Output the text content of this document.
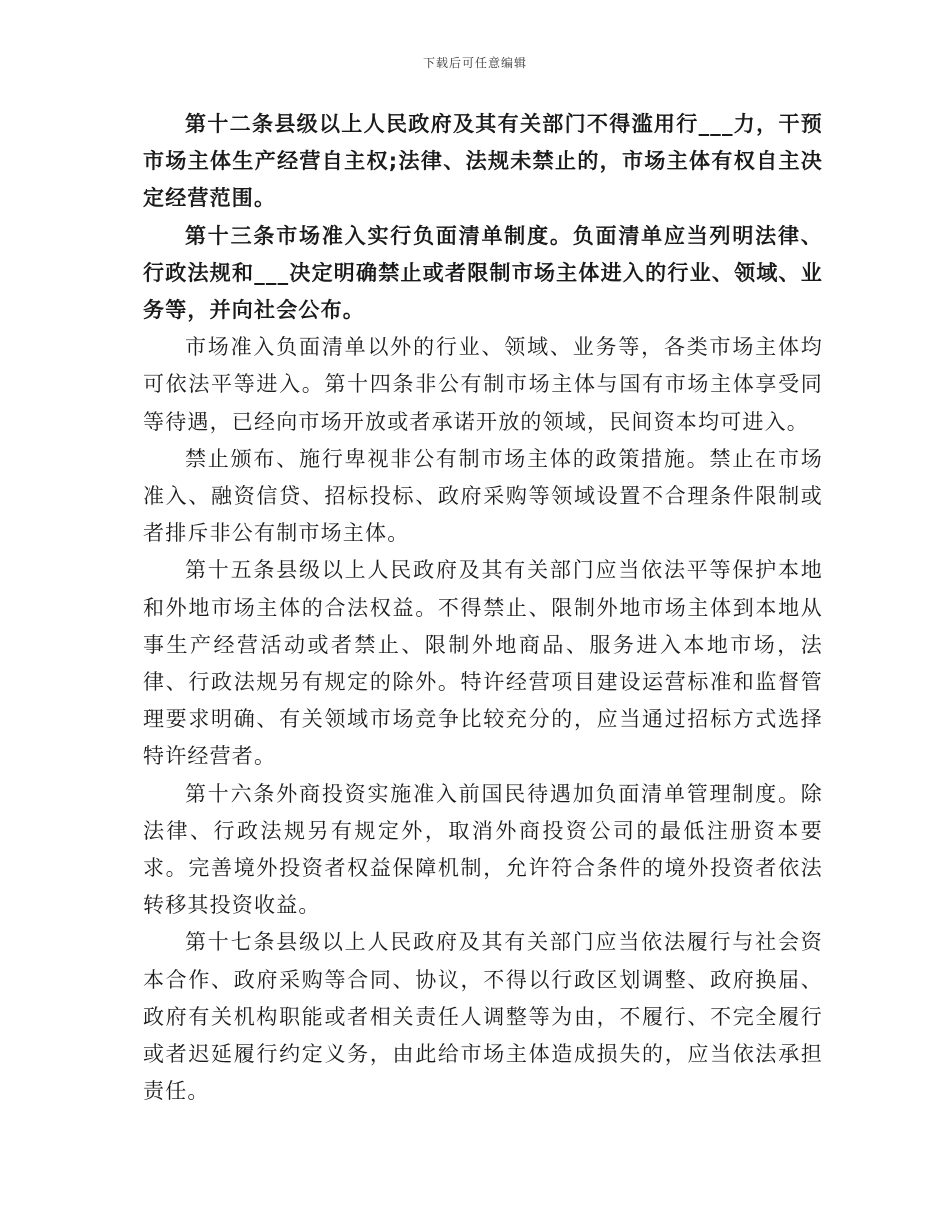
下载后可任意编辑

第十二条县级以上人民政府及其有关部门不得滥用行___力，干预市场主体生产经营自主权;法律、法规未禁止的，市场主体有权自主决定经营范围。

第十三条市场准入实行负面清单制度。负面清单应当列明法律、行政法规和___决定明确禁止或者限制市场主体进入的行业、领域、业务等，并向社会公布。

市场准入负面清单以外的行业、领域、业务等，各类市场主体均可依法平等进入。第十四条非公有制市场主体与国有市场主体享受同等待遇，已经向市场开放或者承诺开放的领域，民间资本均可进入。

禁止颁布、施行卑视非公有制市场主体的政策措施。禁止在市场准入、融资信贷、招标投标、政府采购等领域设置不合理条件限制或者排斥非公有制市场主体。

第十五条县级以上人民政府及其有关部门应当依法平等保护本地和外地市场主体的合法权益。不得禁止、限制外地市场主体到本地从事生产经营活动或者禁止、限制外地商品、服务进入本地市场，法律、行政法规另有规定的除外。特许经营项目建设运营标准和监督管理要求明确、有关领域市场竞争比较充分的，应当通过招标方式选择特许经营者。

第十六条外商投资实施准入前国民待遇加负面清单管理制度。除法律、行政法规另有规定外，取消外商投资公司的最低注册资本要求。完善境外投资者权益保障机制，允许符合条件的境外投资者依法转移其投资收益。

第十七条县级以上人民政府及其有关部门应当依法履行与社会资本合作、政府采购等合同、协议，不得以行政区划调整、政府换届、政府有关机构职能或者相关责任人调整等为由，不履行、不完全履行或者迟延履行约定义务，由此给市场主体造成损失的，应当依法承担责任。
